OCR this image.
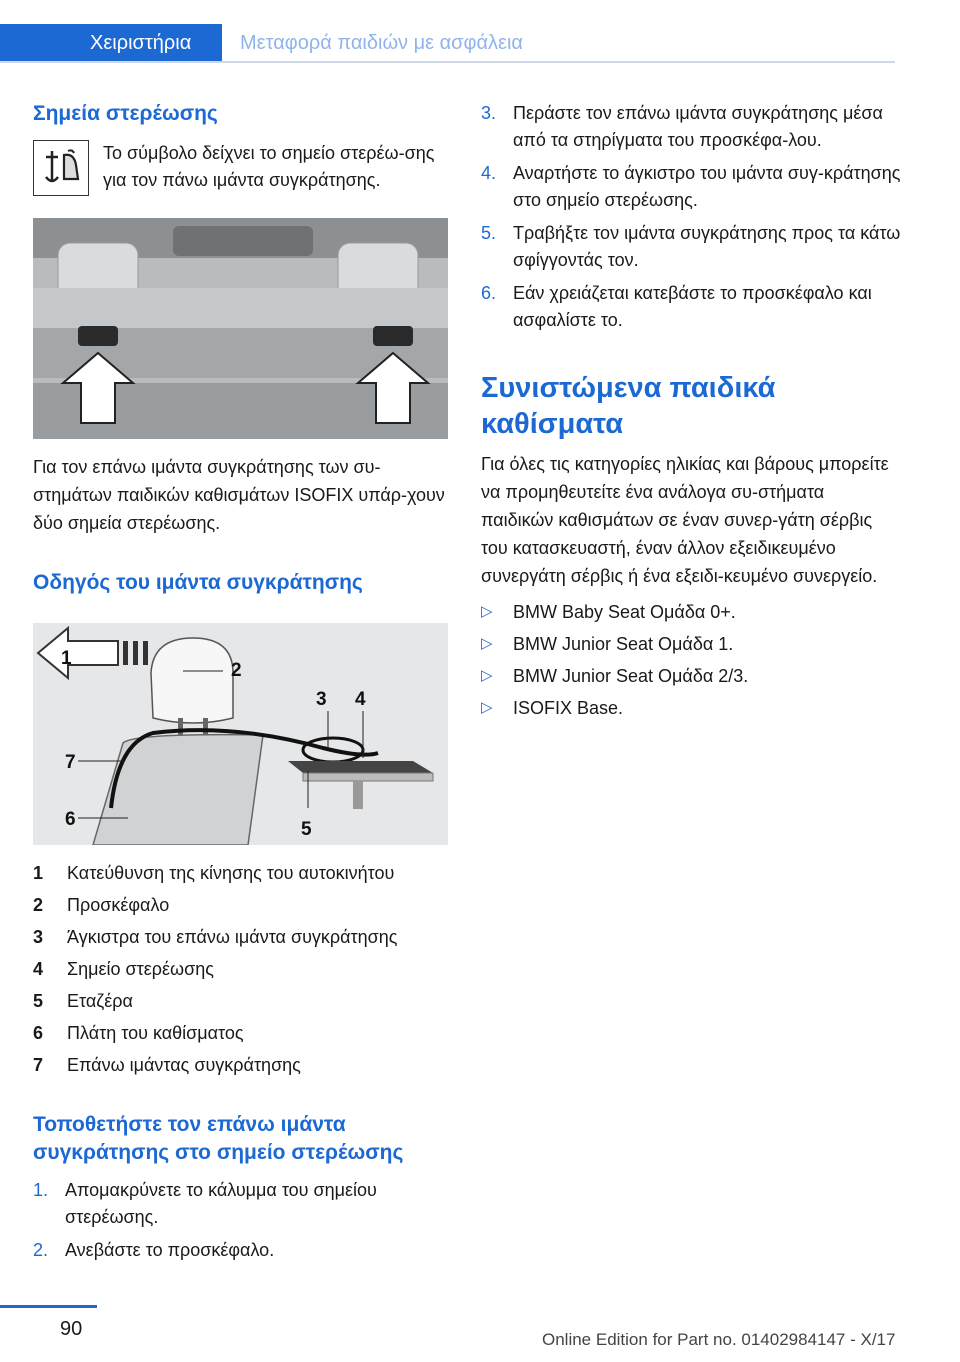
Χειριστήρια	Μεταφορά παιδιών με ασφάλεια
Σημεία στερέωσης

Το σύμβολο δείχνει το σημείο στερέω‐σης για τον πάνω ιμάντα συγκράτησης.

Για τον επάνω ιμάντα συγκράτησης των συ‐στημάτων παιδικών καθισμάτων ISOFIX υπάρ‐χουν δύο σημεία στερέωσης.

Οδηγός του ιμάντα συγκράτησης
1
2
3 4
5
6
7
1	Κατεύθυνση της κίνησης του αυτοκινήτου
2	Προσκέφαλο
3	Άγκιστρα του επάνω ιμάντα συγκράτησης
4	Σημείο στερέωσης
5	Εταζέρα
6	Πλάτη του καθίσματος
7	Επάνω ιμάντας συγκράτησης
Τοποθετήστε τον επάνω ιμάντα συγκράτησης στο σημείο στερέωσης
1. Απομακρύνετε το κάλυμμα του σημείου στερέωσης.
2. Ανεβάστε το προσκέφαλο.
3. Περάστε τον επάνω ιμάντα συγκράτησης μέσα από τα στηρίγματα του προσκέφα‐λου.
4. Αναρτήστε το άγκιστρο του ιμάντα συγ‐κράτησης στο σημείο στερέωσης.
5. Τραβήξτε τον ιμάντα συγκράτησης προς τα κάτω σφίγγοντάς τον.
6. Εάν χρειάζεται κατεβάστε το προσκέφαλο και ασφαλίστε το.
Συνιστώμενα παιδικά καθίσματα

Για όλες τις κατηγορίες ηλικίας και βάρους μπορείτε να προμηθευτείτε ένα ανάλογα συ‐στήματα παιδικών καθισμάτων σε έναν συνερ‐γάτη σέρβις του κατασκευαστή, έναν άλλον εξειδικευμένο συνεργάτη σέρβις ή ένα εξειδι‐κευμένο συνεργείο.

▷	BMW Baby Seat Ομάδα 0+.
▷	BMW Junior Seat Ομάδα 1.
▷	BMW Junior Seat Ομάδα 2/3.
▷	ISOFIX Base.
90	Online Edition for Part no. 01402984147 - X/17
